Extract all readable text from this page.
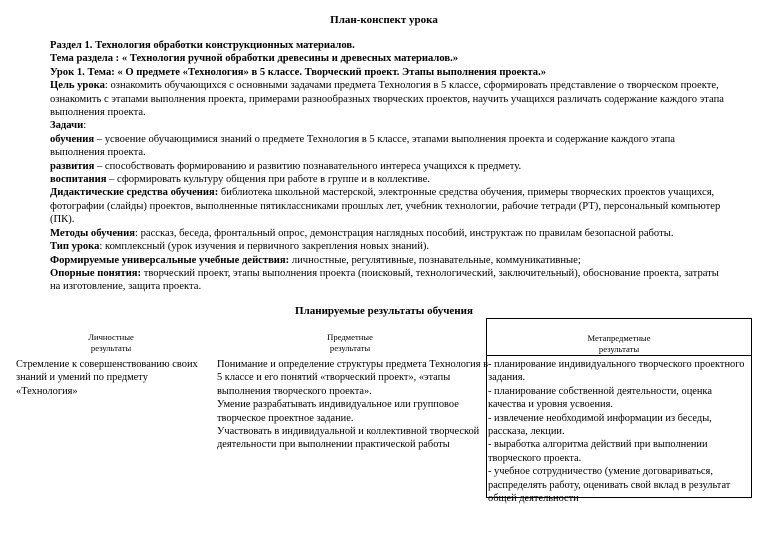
План-конспект урока
Раздел 1. Технология обработки конструкционных материалов.
Тема раздела : « Технология ручной обработки древесины и древесных материалов.»
Урок 1. Тема: « О предмете «Технология» в 5 классе. Творческий проект. Этапы выполнения проекта.»
Цель урока: ознакомить обучающихся с основными задачами предмета Технология в 5 классе, сформировать представление о творческом проекте, ознакомить с этапами выполнения проекта, примерами разнообразных творческих проектов, научить учащихся различать содержание каждого этапа выполнения проекта.
Задачи:
обучения – усвоение обучающимися знаний о предмете Технология в 5 классе, этапами выполнения проекта и содержание каждого этапа выполнения проекта.
развития – способствовать формированию и развитию познавательного интереса учащихся к предмету.
воспитания – сформировать культуру общения при работе в группе и в коллективе.
Дидактические средства обучения: библиотека школьной мастерской, электронные средства обучения, примеры творческих проектов учащихся, фотографии (слайды) проектов, выполненные пятиклассниками прошлых лет, учебник технологии, рабочие тетради (РТ), персональный компьютер (ПК).
Методы обучения: рассказ, беседа, фронтальный опрос, демонстрация наглядных пособий, инструктаж по правилам безопасной работы.
Тип урока: комплексный (урок изучения и первичного закрепления новых знаний).
Формируемые универсальные учебные действия: личностные, регулятивные, познавательные, коммуникативные;
Опорные понятия: творческий проект, этапы выполнения проекта (поисковый, технологический, заключительный), обоснование проекта, затраты на изготовление, защита проекта.
Планируемые результаты обучения
Личностные
результаты
Стремление к совершенствованию своих знаний и умений по предмету «Технология»
Предметные
результаты
Понимание и определение структуры предмета Технология в 5 классе и его понятий «творческий проект», «этапы выполнения творческого проекта».
Умение разрабатывать индивидуальное или групповое творческое проектное задание.
Участвовать в индивидуальной и коллективной творческой деятельности при выполнении практической работы
Метапредметные
результаты
- планирование индивидуального творческого проектного задания.
- планирование собственной деятельности, оценка качества и уровня усвоения.
- извлечение необходимой информации из беседы, рассказа, лекции.
- выработка алгоритма действий при выполнении творческого проекта.
- учебное сотрудничество (умение договариваться, распределять работу, оценивать свой вклад в результат общей деятельности
